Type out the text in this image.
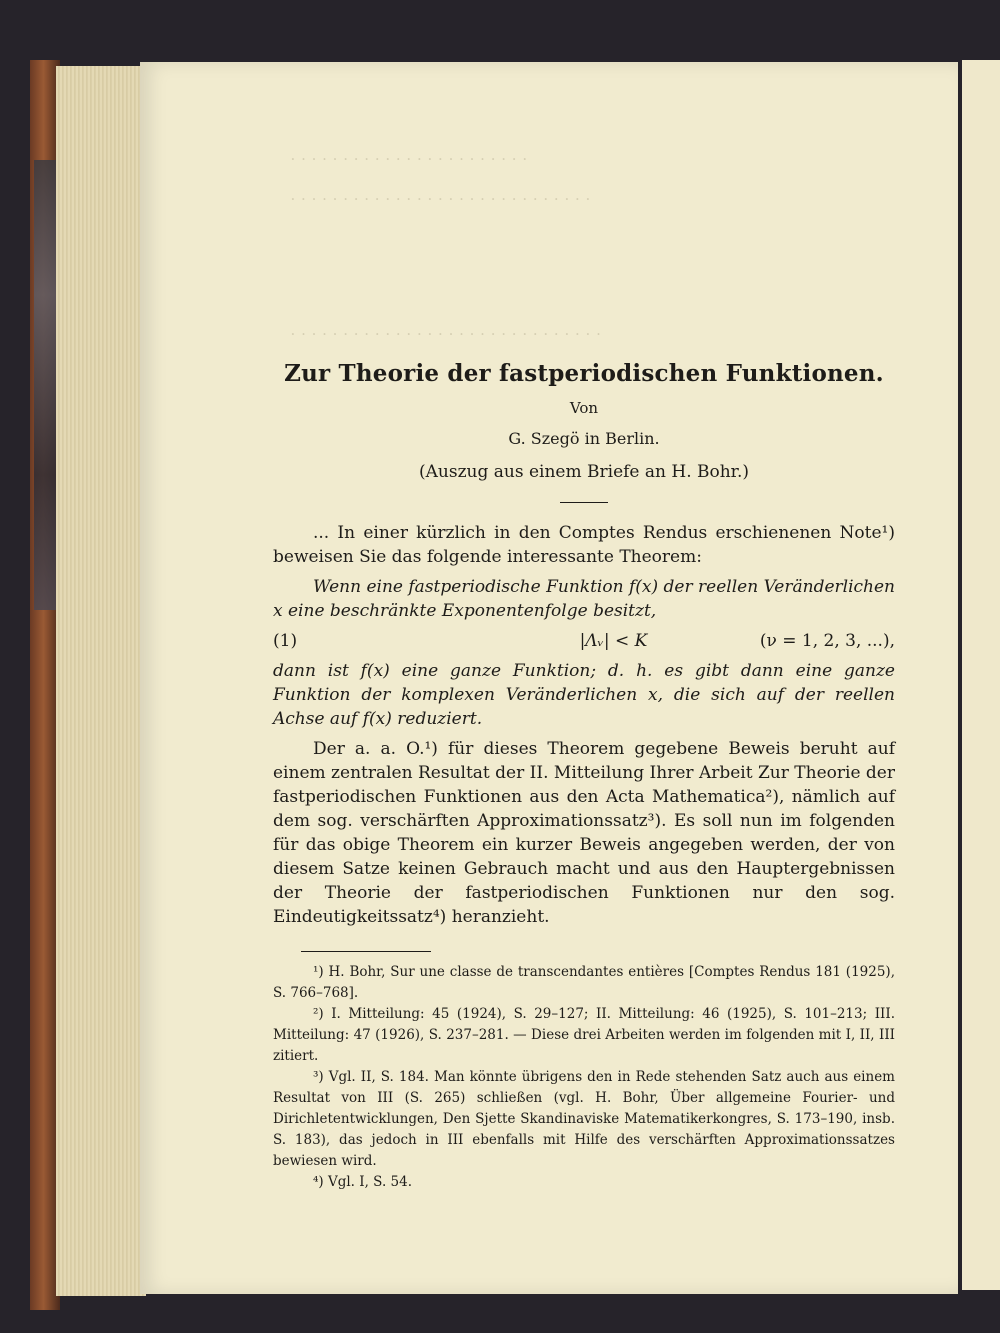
· · · · · · · · · · · · · · · · · · · · · · ·
· · · · · · · · · · · · · · · · · · · · · · · · · · · · ·
· · · · · · · · · · · · · · · · · · · · · · · · · · · · · ·
Zur Theorie der fastperiodischen Funktionen.
Von
G. Szegö in Berlin.
(Auszug aus einem Briefe an H. Bohr.)

... In einer kürzlich in den Comptes Rendus erschienenen Note¹) beweisen Sie das folgende interessante Theorem:

Wenn eine fastperiodische Funktion f(x) der reellen Veränderlichen x eine beschränkte Exponentenfolge besitzt,

(1)	|Λᵥ| < K	(ν = 1, 2, 3, ...),

dann ist f(x) eine ganze Funktion; d. h. es gibt dann eine ganze Funktion der komplexen Veränderlichen x, die sich auf der reellen Achse auf f(x) reduziert.

Der a. a. O.¹) für dieses Theorem gegebene Beweis beruht auf einem zentralen Resultat der II. Mitteilung Ihrer Arbeit Zur Theorie der fastperiodischen Funktionen aus den Acta Mathematica²), nämlich auf dem sog. verschärften Approximationssatz³). Es soll nun im folgenden für das obige Theorem ein kurzer Beweis angegeben werden, der von diesem Satze keinen Gebrauch macht und aus den Hauptergebnissen der Theorie der fastperiodischen Funktionen nur den sog. Eindeutigkeitssatz⁴) heranzieht.

¹) H. Bohr, Sur une classe de transcendantes entières [Comptes Rendus 181 (1925), S. 766–768].

²) I. Mitteilung: 45 (1924), S. 29–127; II. Mitteilung: 46 (1925), S. 101–213; III. Mitteilung: 47 (1926), S. 237–281. — Diese drei Arbeiten werden im folgenden mit I, II, III zitiert.

³) Vgl. II, S. 184. Man könnte übrigens den in Rede stehenden Satz auch aus einem Resultat von III (S. 265) schließen (vgl. H. Bohr, Über allgemeine Fourier- und Dirichletentwicklungen, Den Sjette Skandinaviske Matematikerkongres, S. 173–190, insb. S. 183), das jedoch in III ebenfalls mit Hilfe des verschärften Approximationssatzes bewiesen wird.

⁴) Vgl. I, S. 54.
